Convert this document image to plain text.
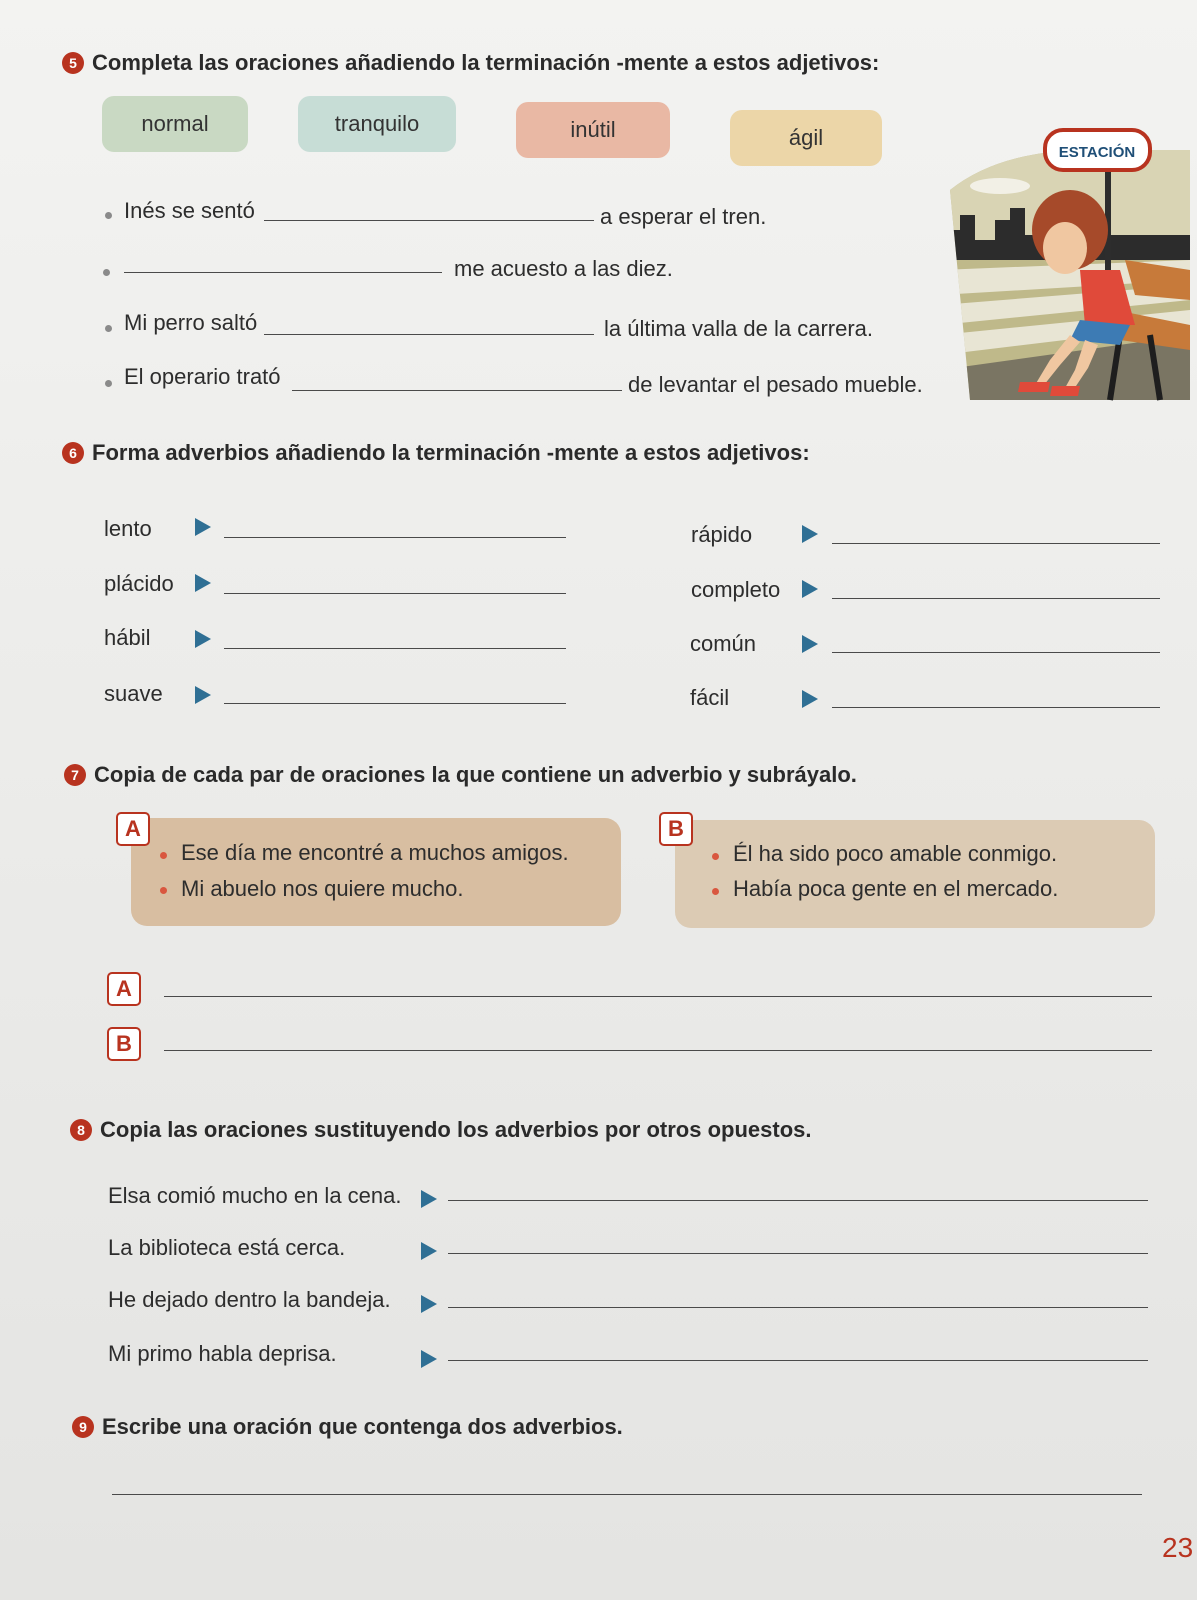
5 Completa las oraciones añadiendo la terminación -mente a estos adjetivos:
normal	tranquilo	inútil	ágil
Inés se sentó	a esperar el tren.
me acuesto a las diez.
Mi perro saltó	la última valla de la carrera.
El operario trató	de levantar el pesado mueble.
ESTACIÓN
6 Forma adverbios añadiendo la terminación -mente a estos adjetivos:
lento
plácido
hábil
suave
rápido
completo
común
fácil
7 Copia de cada par de oraciones la que contiene un adverbio y subráyalo.
A
Ese día me encontré a muchos amigos.
Mi abuelo nos quiere mucho.
B
Él ha sido poco amable conmigo.
Había poca gente en el mercado.
A
B
8 Copia las oraciones sustituyendo los adverbios por otros opuestos.
Elsa comió mucho en la cena.
La biblioteca está cerca.
He dejado dentro la bandeja.
Mi primo habla deprisa.
9 Escribe una oración que contenga dos adverbios.
23
